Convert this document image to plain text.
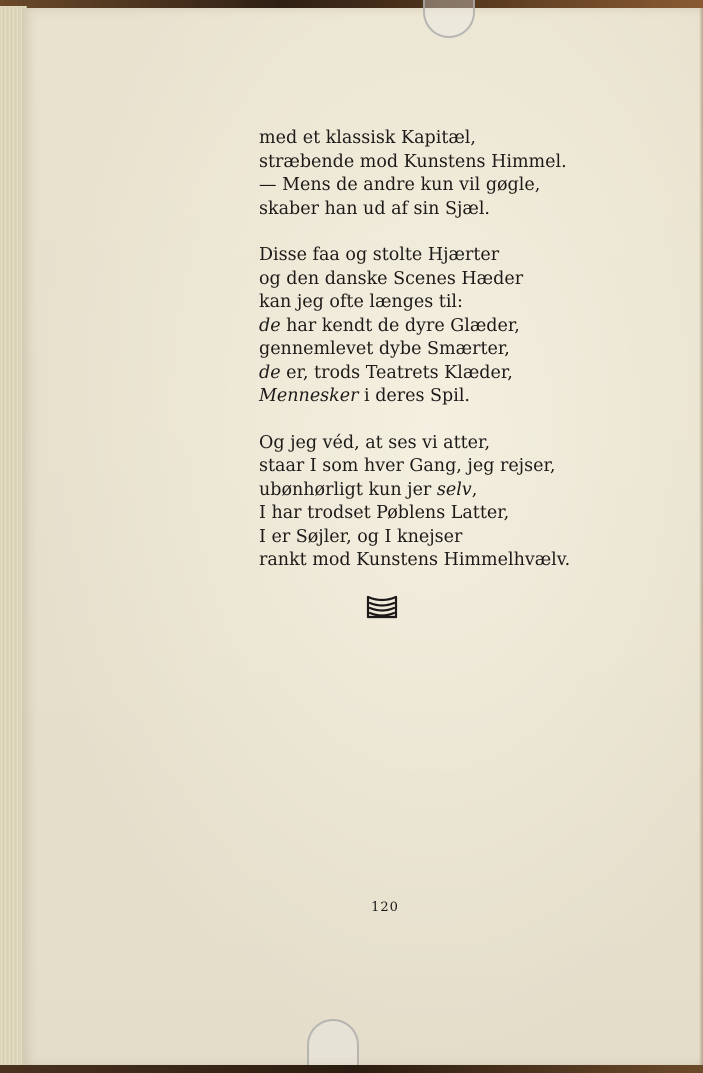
med et klassisk Kapitæl,
stræbende mod Kunstens Himmel.
— Mens de andre kun vil gøgle,
skaber han ud af sin Sjæl.
Disse faa og stolte Hjærter
og den danske Scenes Hæder
kan jeg ofte længes til:
de har kendt de dyre Glæder,
gennemlevet dybe Smærter,
de er, trods Teatrets Klæder,
Mennesker i deres Spil.
Og jeg véd, at ses vi atter,
staar I som hver Gang, jeg rejser,
ubønhørligt kun jer selv,
I har trodset Pøblens Latter,
I er Søjler, og I knejser
rankt mod Kunstens Himmelhvælv.
120
